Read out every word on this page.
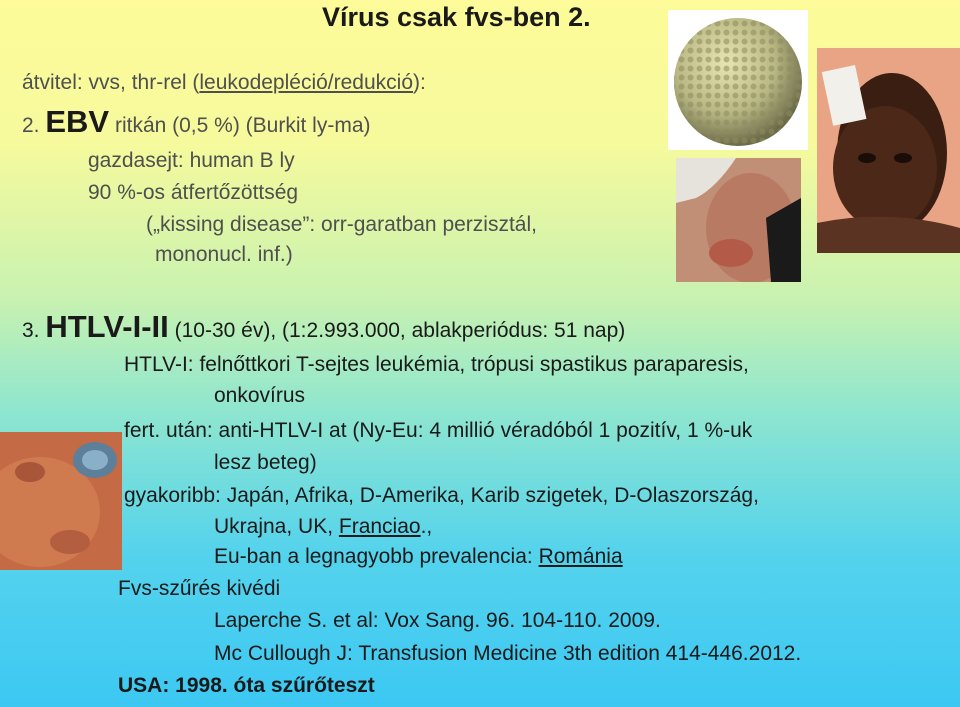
Vírus csak fvs-ben 2.
átvitel: vvs, thr-rel (leukodepléció/redukció):
2. EBV ritkán (0,5 %) (Burkit ly-ma)
gazdasejt: human B ly
90 %-os átfertőzöttség
(„kissing disease”: orr-garatban perzisztál,
mononucl. inf.)
3. HTLV-I-II (10-30 év), (1:2.993.000, ablakperiódus: 51 nap)
HTLV-I: felnőttkori T-sejtes leukémia, trópusi spastikus paraparesis,
onkovírus
fert. után: anti-HTLV-I at (Ny-Eu: 4 millió véradóból 1 pozitív, 1 %-uk
lesz beteg)
gyakoribb: Japán, Afrika, D-Amerika, Karib szigetek, D-Olaszország,
Ukrajna, UK, Franciao.,
Eu-ban a legnagyobb prevalencia: Románia
Fvs-szűrés kivédi
Laperche S. et al: Vox Sang. 96. 104-110. 2009.
Mc Cullough J: Transfusion Medicine 3th edition 414-446.2012.
USA: 1998. óta szűrőteszt
